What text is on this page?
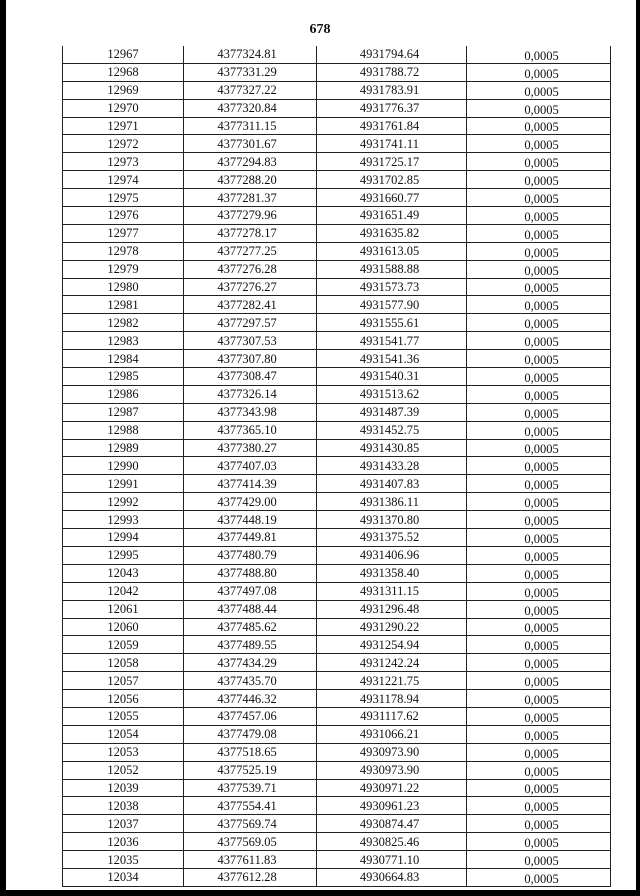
678
12967	4377324.81	4931794.64	0,0005
12968	4377331.29	4931788.72	0,0005
12969	4377327.22	4931783.91	0,0005
12970	4377320.84	4931776.37	0,0005
12971	4377311.15	4931761.84	0,0005
12972	4377301.67	4931741.11	0,0005
12973	4377294.83	4931725.17	0,0005
12974	4377288.20	4931702.85	0,0005
12975	4377281.37	4931660.77	0,0005
12976	4377279.96	4931651.49	0,0005
12977	4377278.17	4931635.82	0,0005
12978	4377277.25	4931613.05	0,0005
12979	4377276.28	4931588.88	0,0005
12980	4377276.27	4931573.73	0,0005
12981	4377282.41	4931577.90	0,0005
12982	4377297.57	4931555.61	0,0005
12983	4377307.53	4931541.77	0,0005
12984	4377307.80	4931541.36	0,0005
12985	4377308.47	4931540.31	0,0005
12986	4377326.14	4931513.62	0,0005
12987	4377343.98	4931487.39	0,0005
12988	4377365.10	4931452.75	0,0005
12989	4377380.27	4931430.85	0,0005
12990	4377407.03	4931433.28	0,0005
12991	4377414.39	4931407.83	0,0005
12992	4377429.00	4931386.11	0,0005
12993	4377448.19	4931370.80	0,0005
12994	4377449.81	4931375.52	0,0005
12995	4377480.79	4931406.96	0,0005
12043	4377488.80	4931358.40	0,0005
12042	4377497.08	4931311.15	0,0005
12061	4377488.44	4931296.48	0,0005
12060	4377485.62	4931290.22	0,0005
12059	4377489.55	4931254.94	0,0005
12058	4377434.29	4931242.24	0,0005
12057	4377435.70	4931221.75	0,0005
12056	4377446.32	4931178.94	0,0005
12055	4377457.06	4931117.62	0,0005
12054	4377479.08	4931066.21	0,0005
12053	4377518.65	4930973.90	0,0005
12052	4377525.19	4930973.90	0,0005
12039	4377539.71	4930971.22	0,0005
12038	4377554.41	4930961.23	0,0005
12037	4377569.74	4930874.47	0,0005
12036	4377569.05	4930825.46	0,0005
12035	4377611.83	4930771.10	0,0005
12034	4377612.28	4930664.83	0,0005
